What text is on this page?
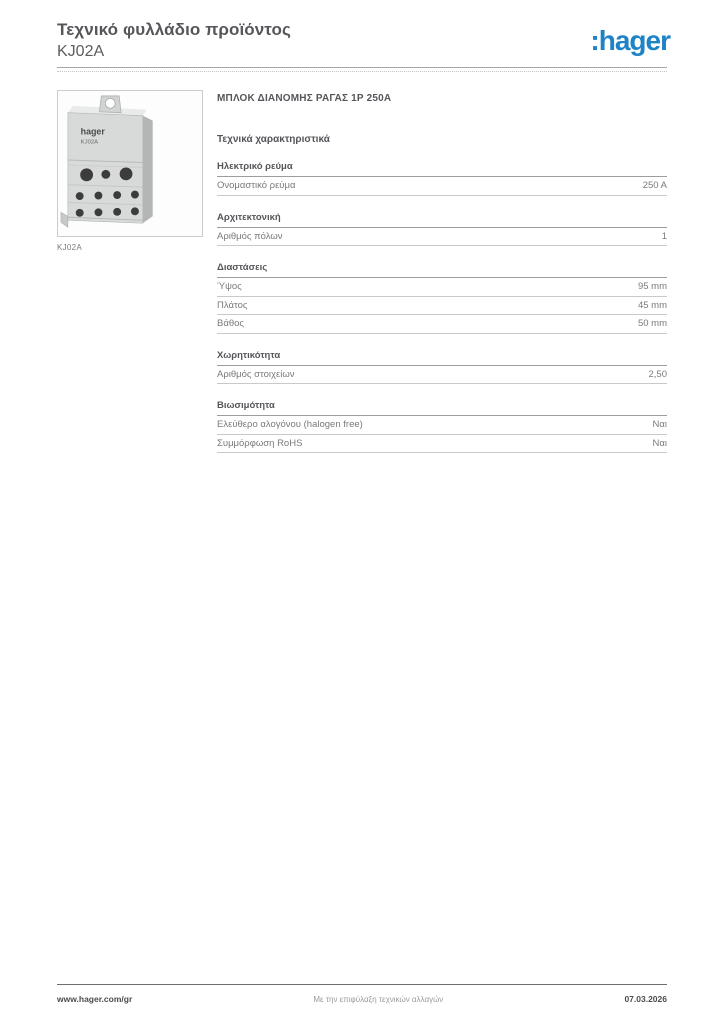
Τεχνικό φυλλάδιο προϊόντος
KJ02A	:hager
hager
KJ02A
KJ02A
ΜΠΛΟΚ ΔΙΑΝΟΜΗΣ ΡΑΓΑΣ 1P 250A
Τεχνικά χαρακτηριστικά
Ηλεκτρικό ρεύμα
Ονομαστικό ρεύμα	250 A
Αρχιτεκτονική
Αριθμός πόλων	1
Διαστάσεις
Ύψος	95 mm
Πλάτος	45 mm
Βάθος	50 mm
Χωρητικότητα
Αριθμός στοιχείων	2,50
Βιωσιμότητα
Ελεύθερο αλογόνου (halogen free)	Ναι
Συμμόρφωση RoHS	Ναι
www.hager.com/gr	Με την επιφύλαξη τεχνικών αλλαγών	07.03.2026
